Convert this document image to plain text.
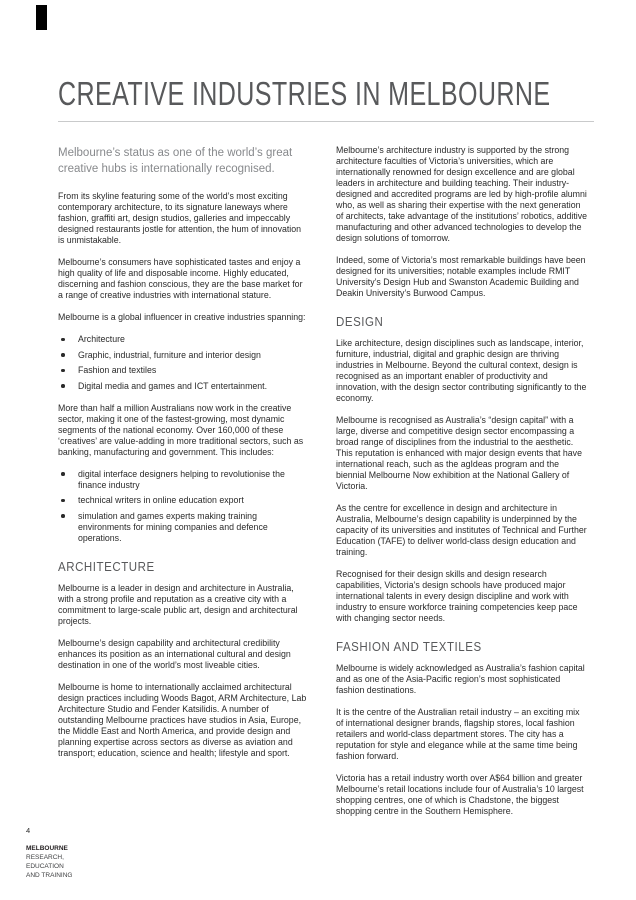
CREATIVE INDUSTRIES IN MELBOURNE

Melbourne’s status as one of the world’s great creative hubs is internationally recognised.

From its skyline featuring some of the world’s most exciting contemporary architecture, to its signature laneways where fashion, graffiti art, design studios, galleries and impeccably designed restaurants jostle for attention, the hum of innovation is unmistakable.

Melbourne’s consumers have sophisticated tastes and enjoy a high quality of life and disposable income. Highly educated, discerning and fashion conscious, they are the base market for a range of creative industries with international stature.

Melbourne is a global influencer in creative industries spanning:

Architecture
Graphic, industrial, furniture and interior design
Fashion and textiles
Digital media and games and ICT entertainment.

More than half a million Australians now work in the creative sector, making it one of the fastest-growing, most dynamic segments of the national economy. Over 160,000 of these ‘creatives’ are value-adding in more traditional sectors, such as banking, manufacturing and government. This includes:

digital interface designers helping to revolutionise the finance industry
technical writers in online education export
simulation and games experts making training environments for mining companies and defence operations.
ARCHITECTURE

Melbourne is a leader in design and architecture in Australia, with a strong profile and reputation as a creative city with a commitment to large-scale public art, design and architectural projects.

Melbourne’s design capability and architectural credibility enhances its position as an international cultural and design destination in one of the world’s most liveable cities.

Melbourne is home to internationally acclaimed architectural design practices including Woods Bagot, ARM Architecture, Lab Architecture Studio and Fender Katsilidis. A number of outstanding Melbourne practices have studios in Asia, Europe, the Middle East and North America, and provide design and planning expertise across sectors as diverse as aviation and transport; education, science and health; lifestyle and sport.

Melbourne’s architecture industry is supported by the strong architecture faculties of Victoria’s universities, which are internationally renowned for design excellence and are global leaders in architecture and building teaching. Their industry-designed and accredited programs are led by high-profile alumni who, as well as sharing their expertise with the next generation of architects, take advantage of the institutions’ robotics, additive manufacturing and other advanced technologies to develop the design solutions of tomorrow.

Indeed, some of Victoria’s most remarkable buildings have been designed for its universities; notable examples include RMIT University’s Design Hub and Swanston Academic Building and Deakin University’s Burwood Campus.

DESIGN

Like architecture, design disciplines such as landscape, interior, furniture, industrial, digital and graphic design are thriving industries in Melbourne. Beyond the cultural context, design is recognised as an important enabler of productivity and innovation, with the design sector contributing significantly to the economy.

Melbourne is recognised as Australia’s “design capital” with a large, diverse and competitive design sector encompassing a broad range of disciplines from the industrial to the aesthetic. This reputation is enhanced with major design events that have international reach, such as the agIdeas program and the biennial Melbourne Now exhibition at the National Gallery of Victoria.

As the centre for excellence in design and architecture in Australia, Melbourne’s design capability is underpinned by the capacity of its universities and institutes of Technical and Further Education (TAFE) to deliver world-class design education and training.

Recognised for their design skills and design research capabilities, Victoria’s design schools have produced major international talents in every design discipline and work with industry to ensure workforce training competencies keep pace with changing sector needs.

FASHION AND TEXTILES

Melbourne is widely acknowledged as Australia’s fashion capital and as one of the Asia-Pacific region’s most sophisticated fashion destinations.

It is the centre of the Australian retail industry – an exciting mix of international designer brands, flagship stores, local fashion retailers and world-class department stores. The city has a reputation for style and elegance while at the same time being fashion forward.

Victoria has a retail industry worth over A$64 billion and greater Melbourne’s retail locations include four of Australia’s 10 largest shopping centres, one of which is Chadstone, the biggest shopping centre in the Southern Hemisphere.

4
MELBOURNE
RESEARCH,
EDUCATION
AND TRAINING
